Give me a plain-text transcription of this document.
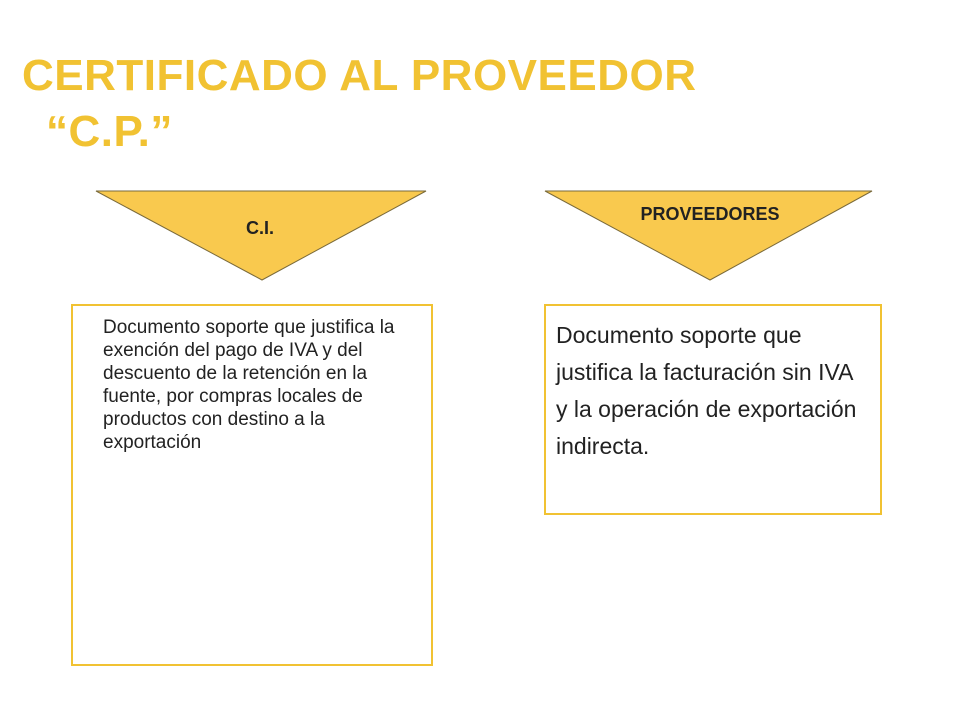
CERTIFICADO AL PROVEEDOR
“C.P.”
C.I.
PROVEEDORES
Documento soporte que justifica la exención del pago de IVA y del descuento de la retención en la fuente, por compras locales de productos con destino a la exportación
Documento soporte que justifica la facturación sin IVA y la operación de exportación indirecta.
